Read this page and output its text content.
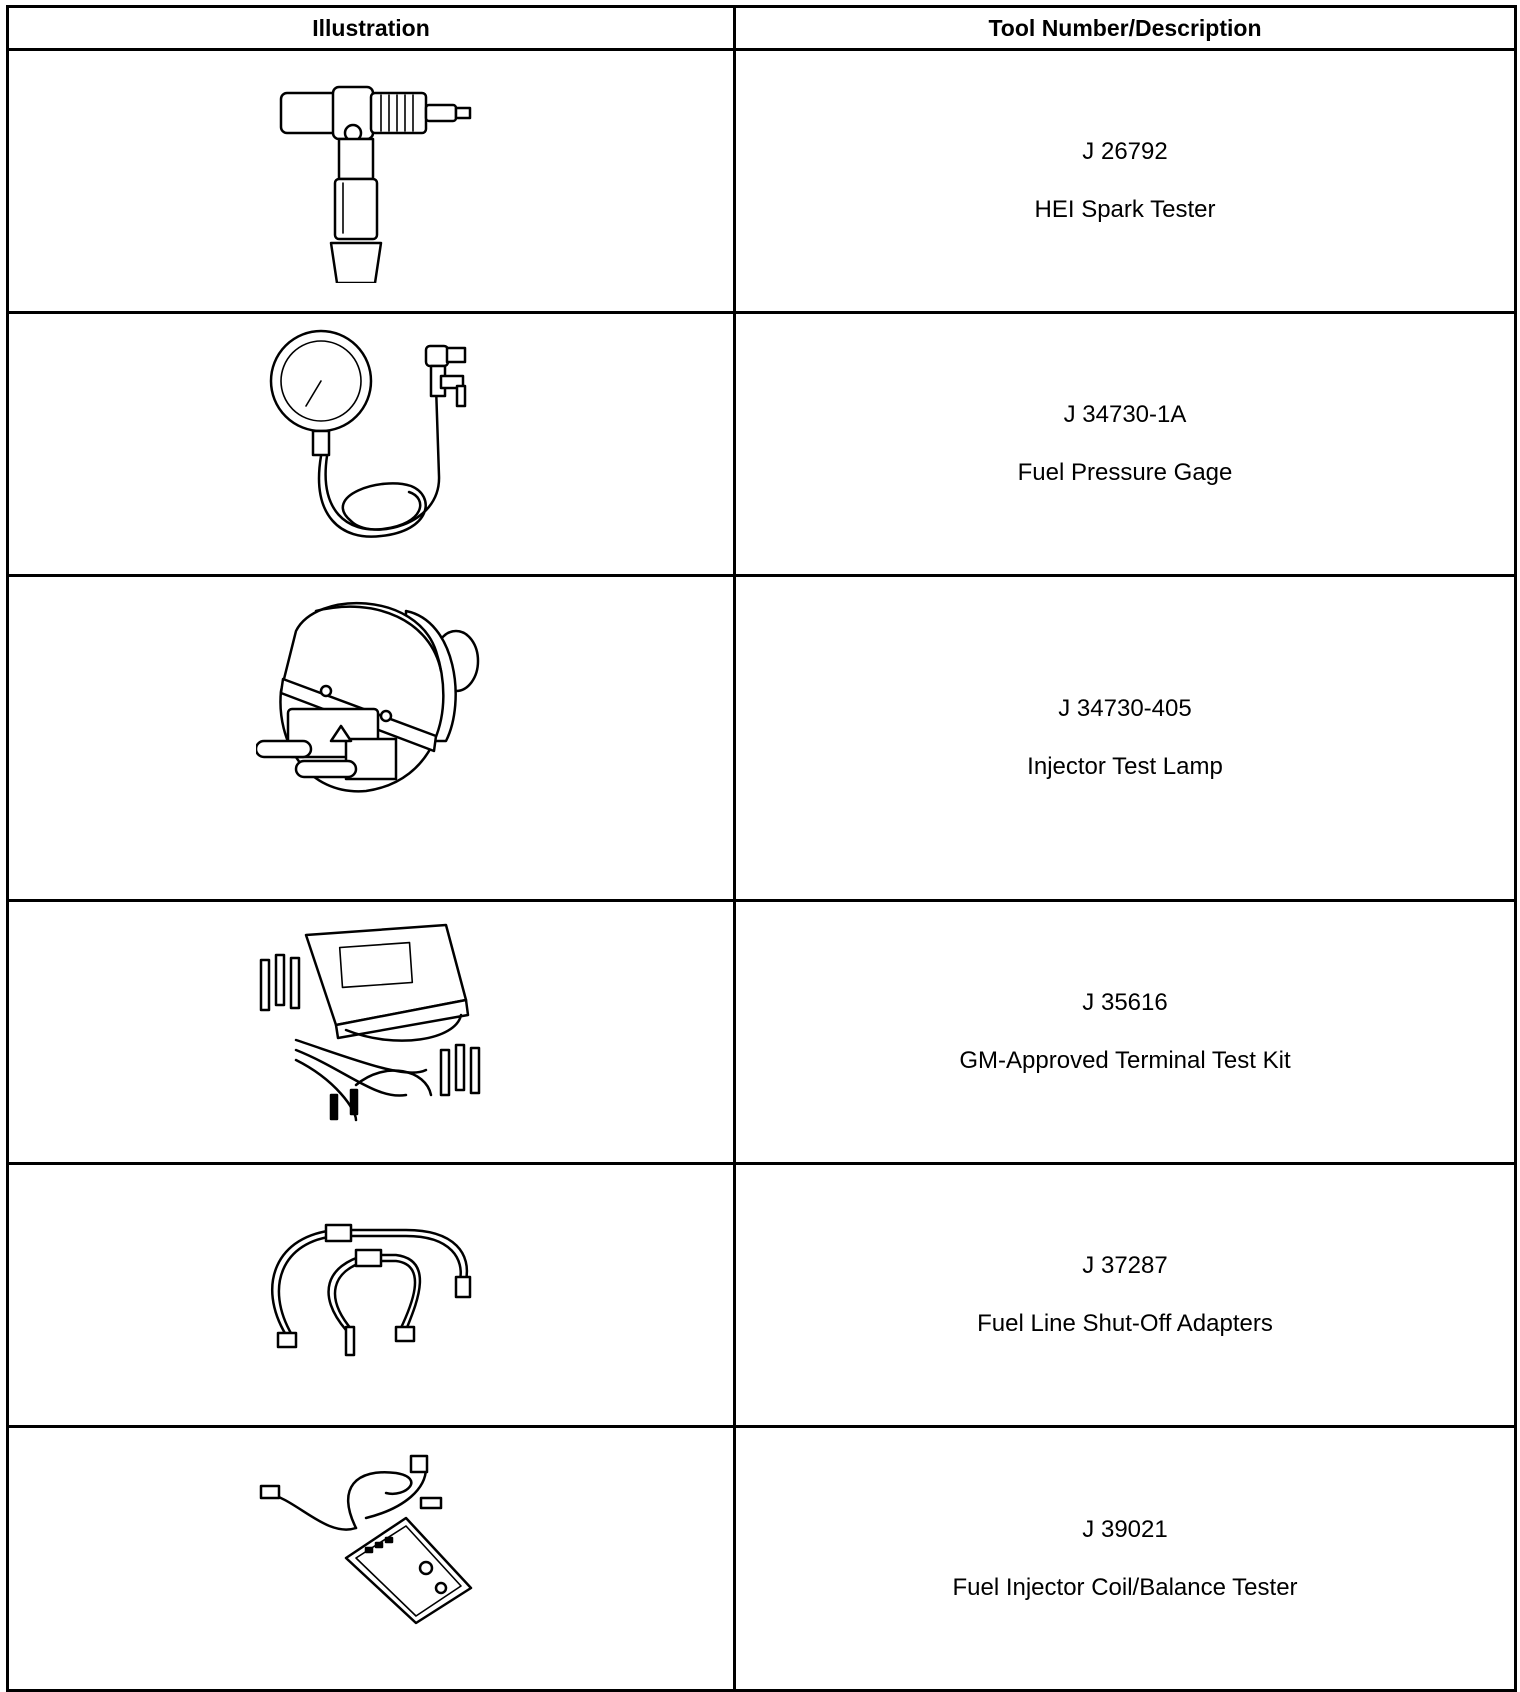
Illustration	Tool Number/Description

J 26792
HEI Spark Tester

J 34730-1A
Fuel Pressure Gage

J 34730-405
Injector Test Lamp

J 35616
GM-Approved Terminal Test Kit

J 37287
Fuel Line Shut-Off Adapters

J 39021
Fuel Injector Coil/Balance Tester
